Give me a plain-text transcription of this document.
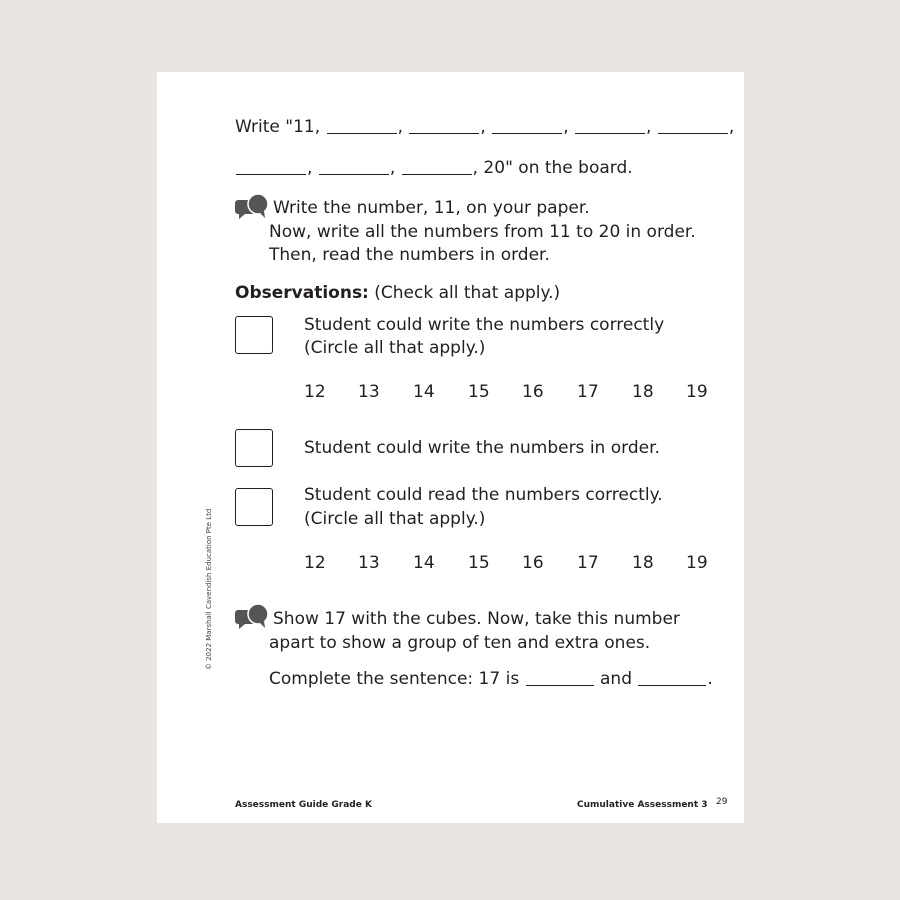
Write "11,	,	,	,	,	,
,	,	, 20" on the board.
Write the number, 11, on your paper.
Now, write all the numbers from 11 to 20 in order.
Then, read the numbers in order.
Observations: (Check all that apply.)
Student could write the numbers correctly
(Circle all that apply.)
12 13 14 15 16 17 18 19
Student could write the numbers in order.
Student could read the numbers correctly.
(Circle all that apply.)
12 13 14 15 16 17 18 19
Show 17 with the cubes. Now, take this number
apart to show a group of ten and extra ones.
Complete the sentence: 17 is	and	.
© 2022 Marshall Cavendish Education Pte Ltd
Assessment Guide Grade K	Cumulative Assessment 3 29
